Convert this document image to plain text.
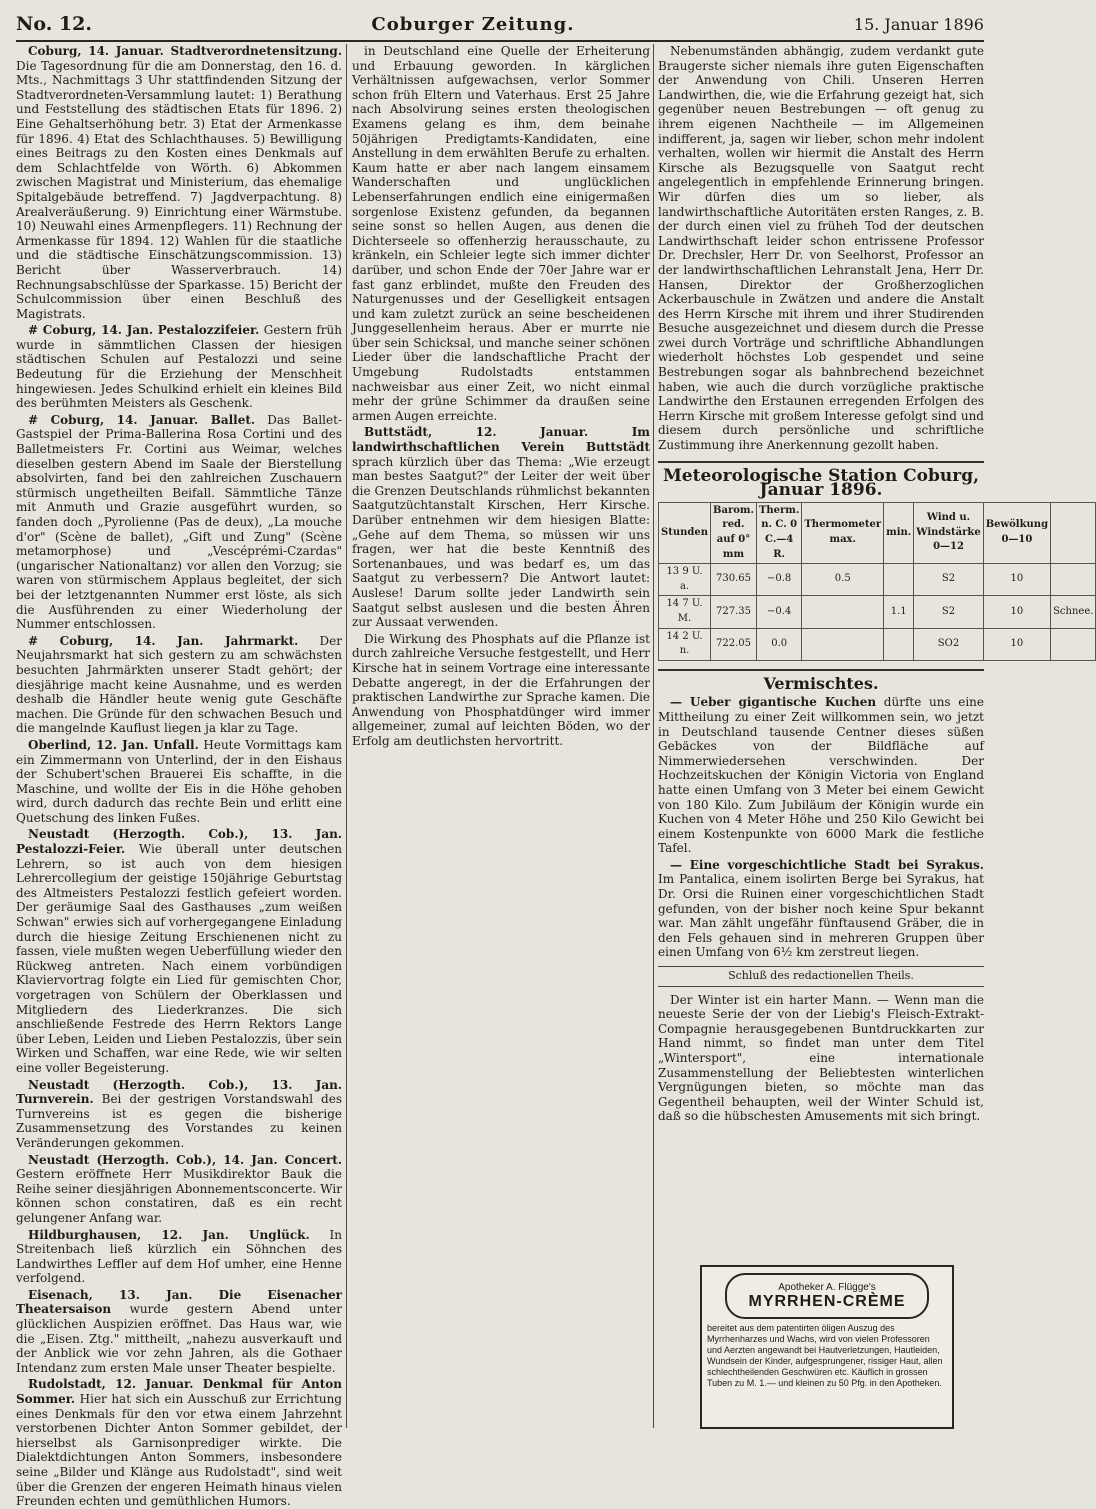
No. 12.	Coburger Zeitung.	15. Januar 1896

Coburg, 14. Januar. Stadtverordnetensitzung. Die Tagesordnung für die am Donnerstag, den 16. d. Mts., Nachmittags 3 Uhr stattfindenden Sitzung der Stadtverordneten-Versammlung lautet: 1) Berathung und Feststellung des städtischen Etats für 1896. 2) Eine Gehaltserhöhung betr. 3) Etat der Armenkasse für 1896. 4) Etat des Schlachthauses. 5) Bewilligung eines Beitrags zu den Kosten eines Denkmals auf dem Schlachtfelde von Wörth. 6) Abkommen zwischen Magistrat und Ministerium, das ehemalige Spitalgebäude betreffend. 7) Jagdverpachtung. 8) Arealveräußerung. 9) Einrichtung einer Wärmstube. 10) Neuwahl eines Armenpflegers. 11) Rechnung der Armenkasse für 1894. 12) Wahlen für die staatliche und die städtische Einschätzungscommission. 13) Bericht über Wasserverbrauch. 14) Rechnungsabschlüsse der Sparkasse. 15) Bericht der Schulcommission über einen Beschluß des Magistrats.

# Coburg, 14. Jan. Pestalozzifeier. Gestern früh wurde in sämmtlichen Classen der hiesigen städtischen Schulen auf Pestalozzi und seine Bedeutung für die Erziehung der Menschheit hingewiesen. Jedes Schulkind erhielt ein kleines Bild des berühmten Meisters als Geschenk.

# Coburg, 14. Januar. Ballet. Das Ballet-Gastspiel der Prima-Ballerina Rosa Cortini und des Balletmeisters Fr. Cortini aus Weimar, welches dieselben gestern Abend im Saale der Bierstellung absolvirten, fand bei den zahlreichen Zuschauern stürmisch ungetheilten Beifall. Sämmtliche Tänze mit Anmuth und Grazie ausgeführt wurden, so fanden doch „Pyrolienne (Pas de deux), „La mouche d'or" (Scène de ballet), „Gift und Zung" (Scène metamorphose) und „Vescéprémi-Czardas" (ungarischer Nationaltanz) vor allen den Vorzug; sie waren von stürmischem Applaus begleitet, der sich bei der letztgenannten Nummer erst löste, als sich die Ausführenden zu einer Wiederholung der Nummer entschlossen.

# Coburg, 14. Jan. Jahrmarkt. Der Neujahrsmarkt hat sich gestern zu am schwächsten besuchten Jahrmärkten unserer Stadt gehört; der diesjährige macht keine Ausnahme, und es werden deshalb die Händler heute wenig gute Geschäfte machen. Die Gründe für den schwachen Besuch und die mangelnde Kauflust liegen ja klar zu Tage.

Oberlind, 12. Jan. Unfall. Heute Vormittags kam ein Zimmermann von Unterlind, der in den Eishaus der Schubert'schen Brauerei Eis schaffte, in die Maschine, und wollte der Eis in die Höhe gehoben wird, durch dadurch das rechte Bein und erlitt eine Quetschung des linken Fußes.

Neustadt (Herzogth. Cob.), 13. Jan. Pestalozzi-Feier. Wie überall unter deutschen Lehrern, so ist auch von dem hiesigen Lehrercollegium der geistige 150jährige Geburtstag des Altmeisters Pestalozzi festlich gefeiert worden. Der geräumige Saal des Gasthauses „zum weißen Schwan" erwies sich auf vorhergegangene Einladung durch die hiesige Zeitung Erschienenen nicht zu fassen, viele mußten wegen Ueberfüllung wieder den Rückweg antreten. Nach einem vorbündigen Klaviervortrag folgte ein Lied für gemischten Chor, vorgetragen von Schülern der Oberklassen und Mitgliedern des Liederkranzes. Die sich anschließende Festrede des Herrn Rektors Lange über Leben, Leiden und Lieben Pestalozzis, über sein Wirken und Schaffen, war eine Rede, wie wir selten eine voller Begeisterung.

Neustadt (Herzogth. Cob.), 13. Jan. Turnverein. Bei der gestrigen Vorstandswahl des Turnvereins ist es gegen die bisherige Zusammensetzung des Vorstandes zu keinen Veränderungen gekommen.

Neustadt (Herzogth. Cob.), 14. Jan. Concert. Gestern eröffnete Herr Musikdirektor Bauk die Reihe seiner diesjährigen Abonnementsconcerte. Wir können schon constatiren, daß es ein recht gelungener Anfang war.

Hildburghausen, 12. Jan. Unglück. In Streitenbach ließ kürzlich ein Söhnchen des Landwirthes Leffler auf dem Hof umher, eine Henne verfolgend.

Eisenach, 13. Jan. Die Eisenacher Theatersaison wurde gestern Abend unter glücklichen Auspizien eröffnet. Das Haus war, wie die „Eisen. Ztg." mittheilt, „nahezu ausverkauft und der Anblick wie vor zehn Jahren, als die Gothaer Intendanz zum ersten Male unser Theater bespielte.

Rudolstadt, 12. Januar. Denkmal für Anton Sommer. Hier hat sich ein Ausschuß zur Errichtung eines Denkmals für den vor etwa einem Jahrzehnt verstorbenen Dichter Anton Sommer gebildet, der hierselbst als Garnisonprediger wirkte. Die Dialektdichtungen Anton Sommers, insbesondere seine „Bilder und Klänge aus Rudolstadt", sind weit über die Grenzen der engeren Heimath hinaus vielen Freunden echten und gemüthlichen Humors.

in Deutschland eine Quelle der Erheiterung und Erbauung geworden. In kärglichen Verhältnissen aufgewachsen, verlor Sommer schon früh Eltern und Vaterhaus. Erst 25 Jahre nach Absolvirung seines ersten theologischen Examens gelang es ihm, dem beinahe 50jährigen Predigtamts-Kandidaten, eine Anstellung in dem erwählten Berufe zu erhalten. Kaum hatte er aber nach langem einsamem Wanderschaften und unglücklichen Lebenserfahrungen endlich eine einigermaßen sorgenlose Existenz gefunden, da begannen seine sonst so hellen Augen, aus denen die Dichterseele so offenherzig herausschaute, zu kränkeln, ein Schleier legte sich immer dichter darüber, und schon Ende der 70er Jahre war er fast ganz erblindet, mußte den Freuden des Naturgenusses und der Geselligkeit entsagen und kam zuletzt zurück an seine bescheidenen Junggesellenheim heraus. Aber er murrte nie über sein Schicksal, und manche seiner schönen Lieder über die landschaftliche Pracht der Umgebung Rudolstadts entstammen nachweisbar aus einer Zeit, wo nicht einmal mehr der grüne Schimmer da draußen seine armen Augen erreichte.

Buttstädt, 12. Januar. Im landwirthschaftlichen Verein Buttstädt sprach kürzlich über das Thema: „Wie erzeugt man bestes Saatgut?" der Leiter der weit über die Grenzen Deutschlands rühmlichst bekannten Saatgutzüchtanstalt Kirschen, Herr Kirsche. Darüber entnehmen wir dem hiesigen Blatte: „Gehe auf dem Thema, so müssen wir uns fragen, wer hat die beste Kenntniß des Sortenanbaues, und was bedarf es, um das Saatgut zu verbessern? Die Antwort lautet: Auslese! Darum sollte jeder Landwirth sein Saatgut selbst auslesen und die besten Ähren zur Aussaat verwenden.

Die Wirkung des Phosphats auf die Pflanze ist durch zahlreiche Versuche festgestellt, und Herr Kirsche hat in seinem Vortrage eine interessante Debatte angeregt, in der die Erfahrungen der praktischen Landwirthe zur Sprache kamen. Die Anwendung von Phosphatdünger wird immer allgemeiner, zumal auf leichten Böden, wo der Erfolg am deutlichsten hervortritt.

Nebenumständen abhängig, zudem verdankt gute Braugerste sicher niemals ihre guten Eigenschaften der Anwendung von Chili. Unseren Herren Landwirthen, die, wie die Erfahrung gezeigt hat, sich gegenüber neuen Bestrebungen — oft genug zu ihrem eigenen Nachtheile — im Allgemeinen indifferent, ja, sagen wir lieber, schon mehr indolent verhalten, wollen wir hiermit die Anstalt des Herrn Kirsche als Bezugsquelle von Saatgut recht angelegentlich in empfehlende Erinnerung bringen. Wir dürfen dies um so lieber, als landwirthschaftliche Autoritäten ersten Ranges, z. B. der durch einen viel zu früheh Tod der deutschen Landwirthschaft leider schon entrissene Professor Dr. Drechsler, Herr Dr. von Seelhorst, Professor an der landwirthschaftlichen Lehranstalt Jena, Herr Dr. Hansen, Direktor der Großherzoglichen Ackerbauschule in Zwätzen und andere die Anstalt des Herrn Kirsche mit ihrem und ihrer Studirenden Besuche ausgezeichnet und diesem durch die Presse zwei durch Vorträge und schriftliche Abhandlungen wiederholt höchstes Lob gespendet und seine Bestrebungen sogar als bahnbrechend bezeichnet haben, wie auch die durch vorzügliche praktische Landwirthe den Erstaunen erregenden Erfolgen des Herrn Kirsche mit großem Interesse gefolgt sind und diesem durch persönliche und schriftliche Zustimmung ihre Anerkennung gezollt haben.

Meteorologische Station Coburg, Januar 1896.
Stunden	Barom. red. auf 0° mm	Therm. n. C. 0 C.—4 R.	Thermometer max.	min.	Wind u. Windstärke 0—12	Bewölkung 0—10	
13 9 U. a.	730.65	−0.8	0.5		S2	10	
14 7 U. M.	727.35	−0.4		1.1	S2	10	Schnee.
14 2 U. n.	722.05	0.0			SO2	10	
Vermischtes.

— Ueber gigantische Kuchen dürfte uns eine Mittheilung zu einer Zeit willkommen sein, wo jetzt in Deutschland tausende Centner dieses süßen Gebäckes von der Bildfläche auf Nimmerwiedersehen verschwinden. Der Hochzeitskuchen der Königin Victoria von England hatte einen Umfang von 3 Meter bei einem Gewicht von 180 Kilo. Zum Jubiläum der Königin wurde ein Kuchen von 4 Meter Höhe und 250 Kilo Gewicht bei einem Kostenpunkte von 6000 Mark die festliche Tafel.

— Eine vorgeschichtliche Stadt bei Syrakus. Im Pantalica, einem isolirten Berge bei Syrakus, hat Dr. Orsi die Ruinen einer vorgeschichtlichen Stadt gefunden, von der bisher noch keine Spur bekannt war. Man zählt ungefähr fünftausend Gräber, die in den Fels gehauen sind in mehreren Gruppen über einen Umfang von 6½ km zerstreut liegen.

Schluß des redactionellen Theils.

Der Winter ist ein harter Mann. — Wenn man die neueste Serie der von der Liebig's Fleisch-Extrakt-Compagnie herausgegebenen Buntdruckkarten zur Hand nimmt, so findet man unter dem Titel „Wintersport", eine internationale Zusammenstellung der Beliebtesten winterlichen Vergnügungen bieten, so möchte man das Gegentheil behaupten, weil der Winter Schuld ist, daß so die hübschesten Amusements mit sich bringt.

Apotheker A. Flügge's
MYRRHEN-CRÈME
bereitet aus dem patentirten öligen Auszug des Myrrhenharzes und Wachs, wird von vielen Professoren und Aerzten angewandt bei Hautverletzungen, Hautleiden, Wundsein der Kinder, aufgesprungener, rissiger Haut, allen schlechtheilenden Geschwüren etc. Käuflich in grossen Tuben zu M. 1.— und kleinen zu 50 Pfg. in den Apotheken.
